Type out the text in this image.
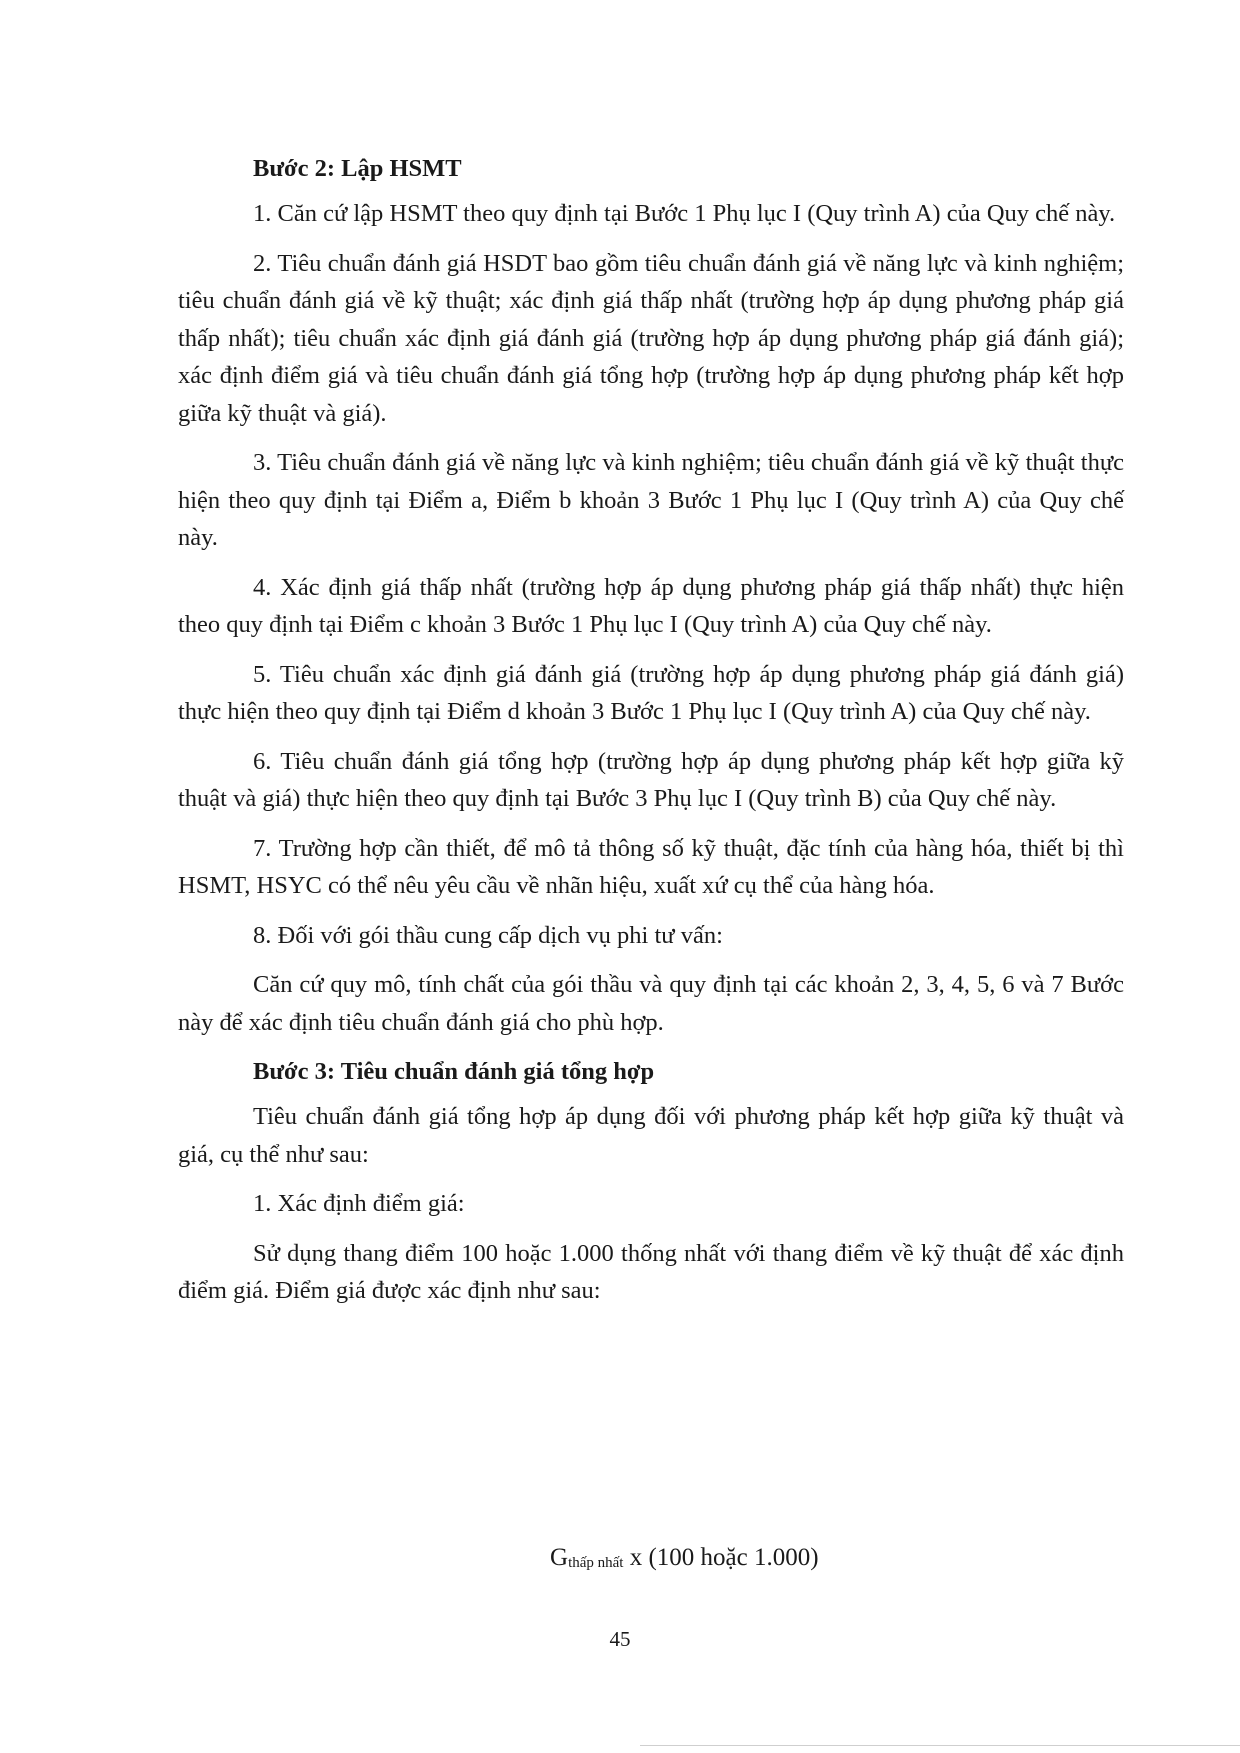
Bước 2: Lập HSMT

1. Căn cứ lập HSMT theo quy định tại Bước 1 Phụ lục I (Quy trình A) của Quy chế này.

2. Tiêu chuẩn đánh giá HSDT bao gồm tiêu chuẩn đánh giá về năng lực và kinh nghiệm; tiêu chuẩn đánh giá về kỹ thuật; xác định giá thấp nhất (trường hợp áp dụng phương pháp giá thấp nhất); tiêu chuẩn xác định giá đánh giá (trường hợp áp dụng phương pháp giá đánh giá); xác định điểm giá và tiêu chuẩn đánh giá tổng hợp (trường hợp áp dụng phương pháp kết hợp giữa kỹ thuật và giá).

3. Tiêu chuẩn đánh giá về năng lực và kinh nghiệm; tiêu chuẩn đánh giá về kỹ thuật thực hiện theo quy định tại Điểm a, Điểm b khoản 3 Bước 1 Phụ lục I (Quy trình A) của Quy chế này.

4. Xác định giá thấp nhất (trường hợp áp dụng phương pháp giá thấp nhất) thực hiện theo quy định tại Điểm c khoản 3 Bước 1 Phụ lục I (Quy trình A) của Quy chế này.

5. Tiêu chuẩn xác định giá đánh giá (trường hợp áp dụng phương pháp giá đánh giá) thực hiện theo quy định tại Điểm d khoản 3 Bước 1 Phụ lục I (Quy trình A) của Quy chế này.

6. Tiêu chuẩn đánh giá tổng hợp (trường hợp áp dụng phương pháp kết hợp giữa kỹ thuật và giá) thực hiện theo quy định tại Bước 3 Phụ lục I (Quy trình B) của Quy chế này.

7. Trường hợp cần thiết, để mô tả thông số kỹ thuật, đặc tính của hàng hóa, thiết bị thì HSMT, HSYC có thể nêu yêu cầu về nhãn hiệu, xuất xứ cụ thể của hàng hóa.

8. Đối với gói thầu cung cấp dịch vụ phi tư vấn:

Căn cứ quy mô, tính chất của gói thầu và quy định tại các khoản 2, 3, 4, 5, 6 và 7 Bước này để xác định tiêu chuẩn đánh giá cho phù hợp.

Bước 3: Tiêu chuẩn đánh giá tổng hợp

Tiêu chuẩn đánh giá tổng hợp áp dụng đối với phương pháp kết hợp giữa kỹ thuật và giá, cụ thể như sau:

1. Xác định điểm giá:

Sử dụng thang điểm 100 hoặc 1.000 thống nhất với thang điểm về kỹ thuật để xác định điểm giá. Điểm giá được xác định như sau:

Gthấp nhất x (100 hoặc 1.000)
45
